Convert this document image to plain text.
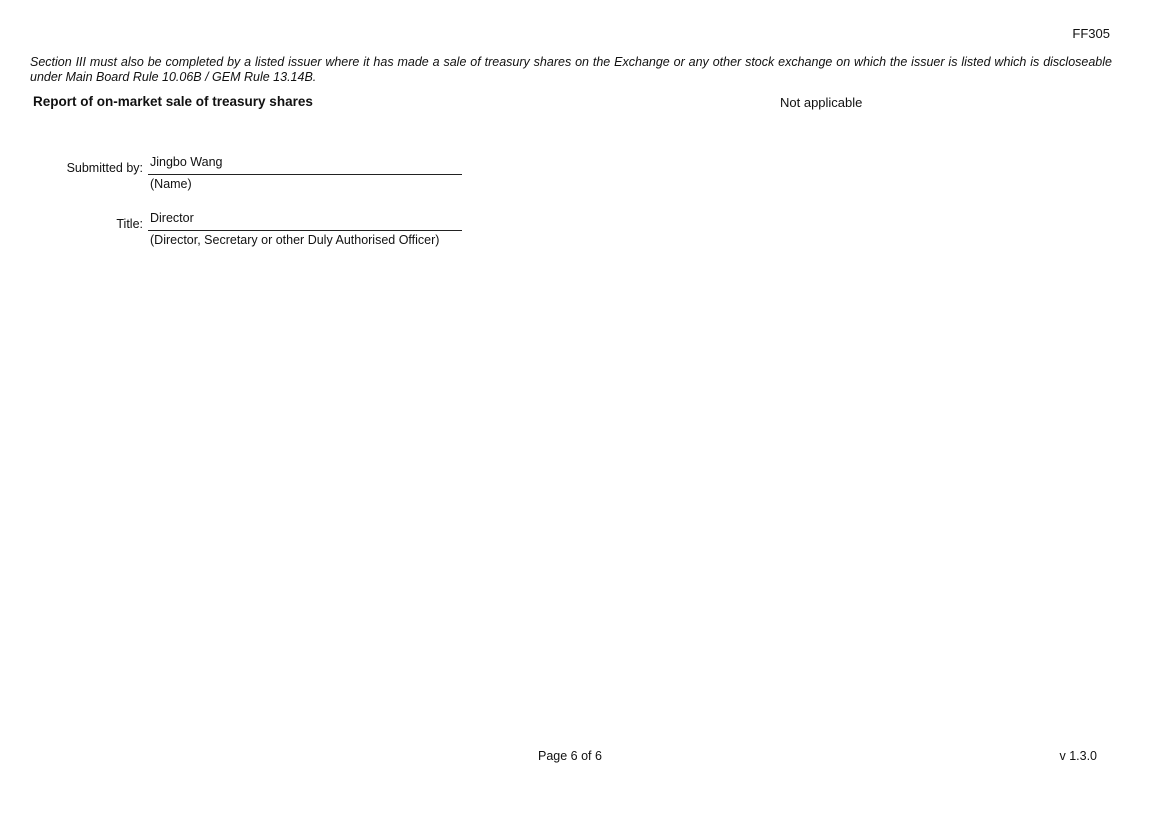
FF305
Section III must also be completed by a listed issuer where it has made a sale of treasury shares on the Exchange or any other stock exchange on which the issuer is listed which is discloseable under Main Board Rule 10.06B / GEM Rule 13.14B.
Report of on-market sale of treasury shares	Not applicable
Submitted by: Jingbo Wang
(Name)
Title: Director
(Director, Secretary or other Duly Authorised Officer)
Page 6 of 6	v 1.3.0
